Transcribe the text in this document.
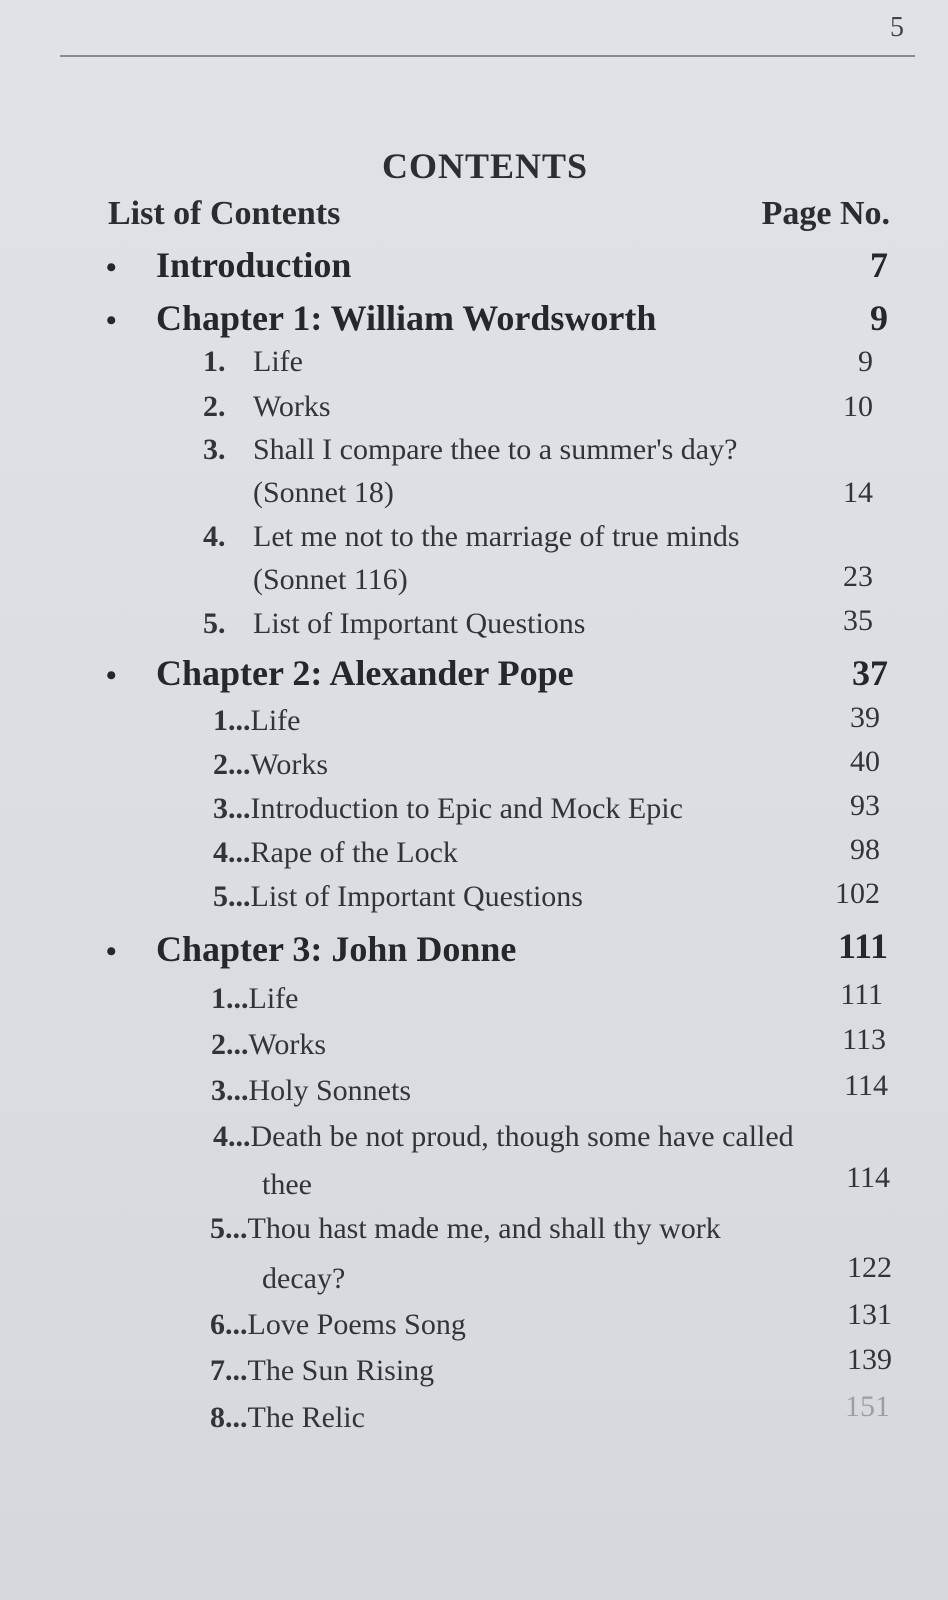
5
CONTENTS
List of Contents	Page No.
• Introduction	7
• Chapter 1: William Wordsworth	9
1. Life	9
2. Works	10
3. Shall I compare thee to a summer's day?
(Sonnet 18)	14
4. Let me not to the marriage of true minds
(Sonnet 116)	23
5. List of Important Questions	35
• Chapter 2: Alexander Pope	37
1...Life	39
2...Works	40
3...Introduction to Epic and Mock Epic	93
4...Rape of the Lock	98
5...List of Important Questions	102
• Chapter 3: John Donne	111
1...Life	111
2...Works	113
3...Holy Sonnets	114
4...Death be not proud, though some have called
thee	114
5...Thou hast made me, and shall thy work
decay?	122
6...Love Poems Song	131
7...The Sun Rising	139
8...The Relic	151
